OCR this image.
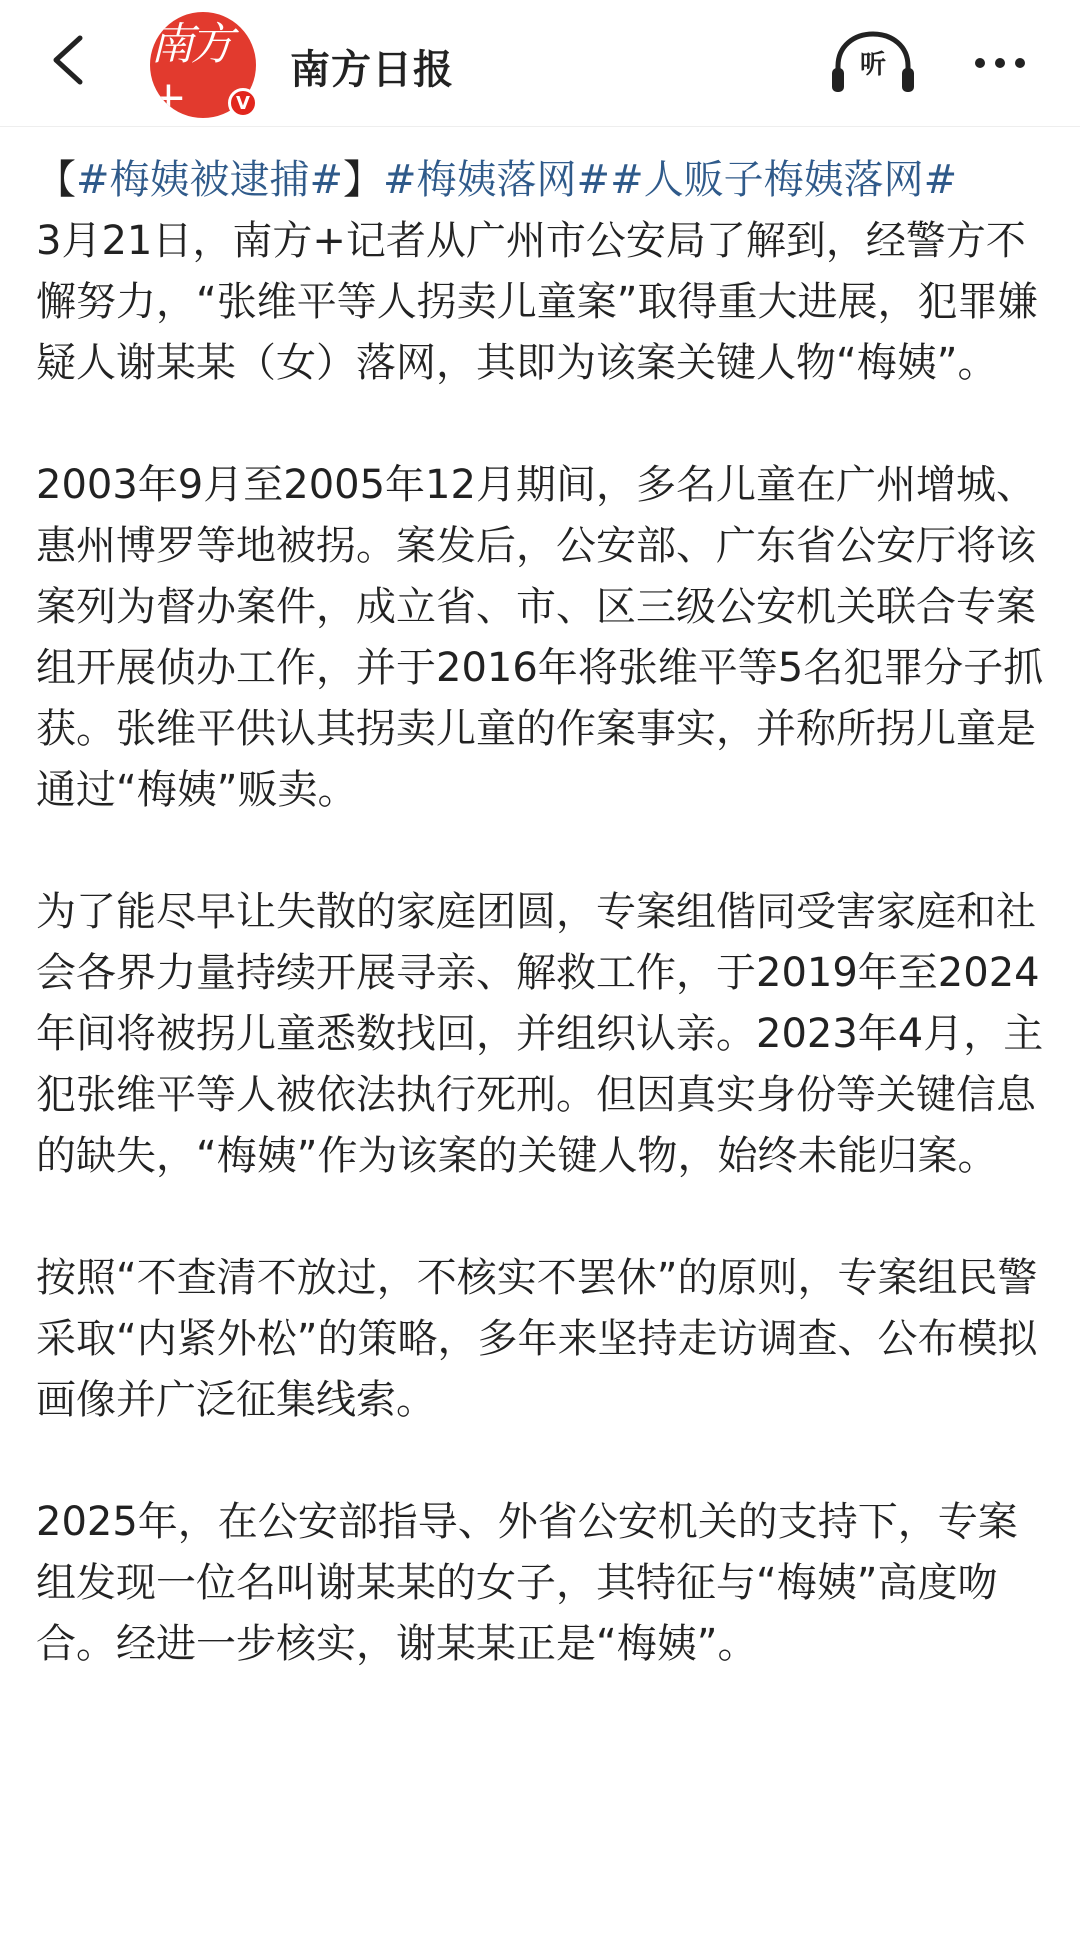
南方+	V
南方日报	听

【#梅姨被逮捕#】#梅姨落网##人贩子梅姨落网#
3月21日，南方+记者从广州市公安局了解到，经警方不懈努力，“张维平等人拐卖儿童案”取得重大进展，犯罪嫌疑人谢某某（女）落网，其即为该案关键人物“梅姨”。

2003年9月至2005年12月期间，多名儿童在广州增城、惠州博罗等地被拐。案发后，公安部、广东省公安厅将该案列为督办案件，成立省、市、区三级公安机关联合专案组开展侦办工作，并于2016年将张维平等5名犯罪分子抓获。张维平供认其拐卖儿童的作案事实，并称所拐儿童是通过“梅姨”贩卖。

为了能尽早让失散的家庭团圆，专案组偕同受害家庭和社会各界力量持续开展寻亲、解救工作，于2019年至2024年间将被拐儿童悉数找回，并组织认亲。2023年4月，主犯张维平等人被依法执行死刑。但因真实身份等关键信息的缺失，“梅姨”作为该案的关键人物，始终未能归案。

按照“不查清不放过，不核实不罢休”的原则，专案组民警采取“内紧外松”的策略，多年来坚持走访调查、公布模拟画像并广泛征集线索。

2025年，在公安部指导、外省公安机关的支持下，专案组发现一位名叫谢某某的女子，其特征与“梅姨”高度吻合。经进一步核实，谢某某正是“梅姨”。
